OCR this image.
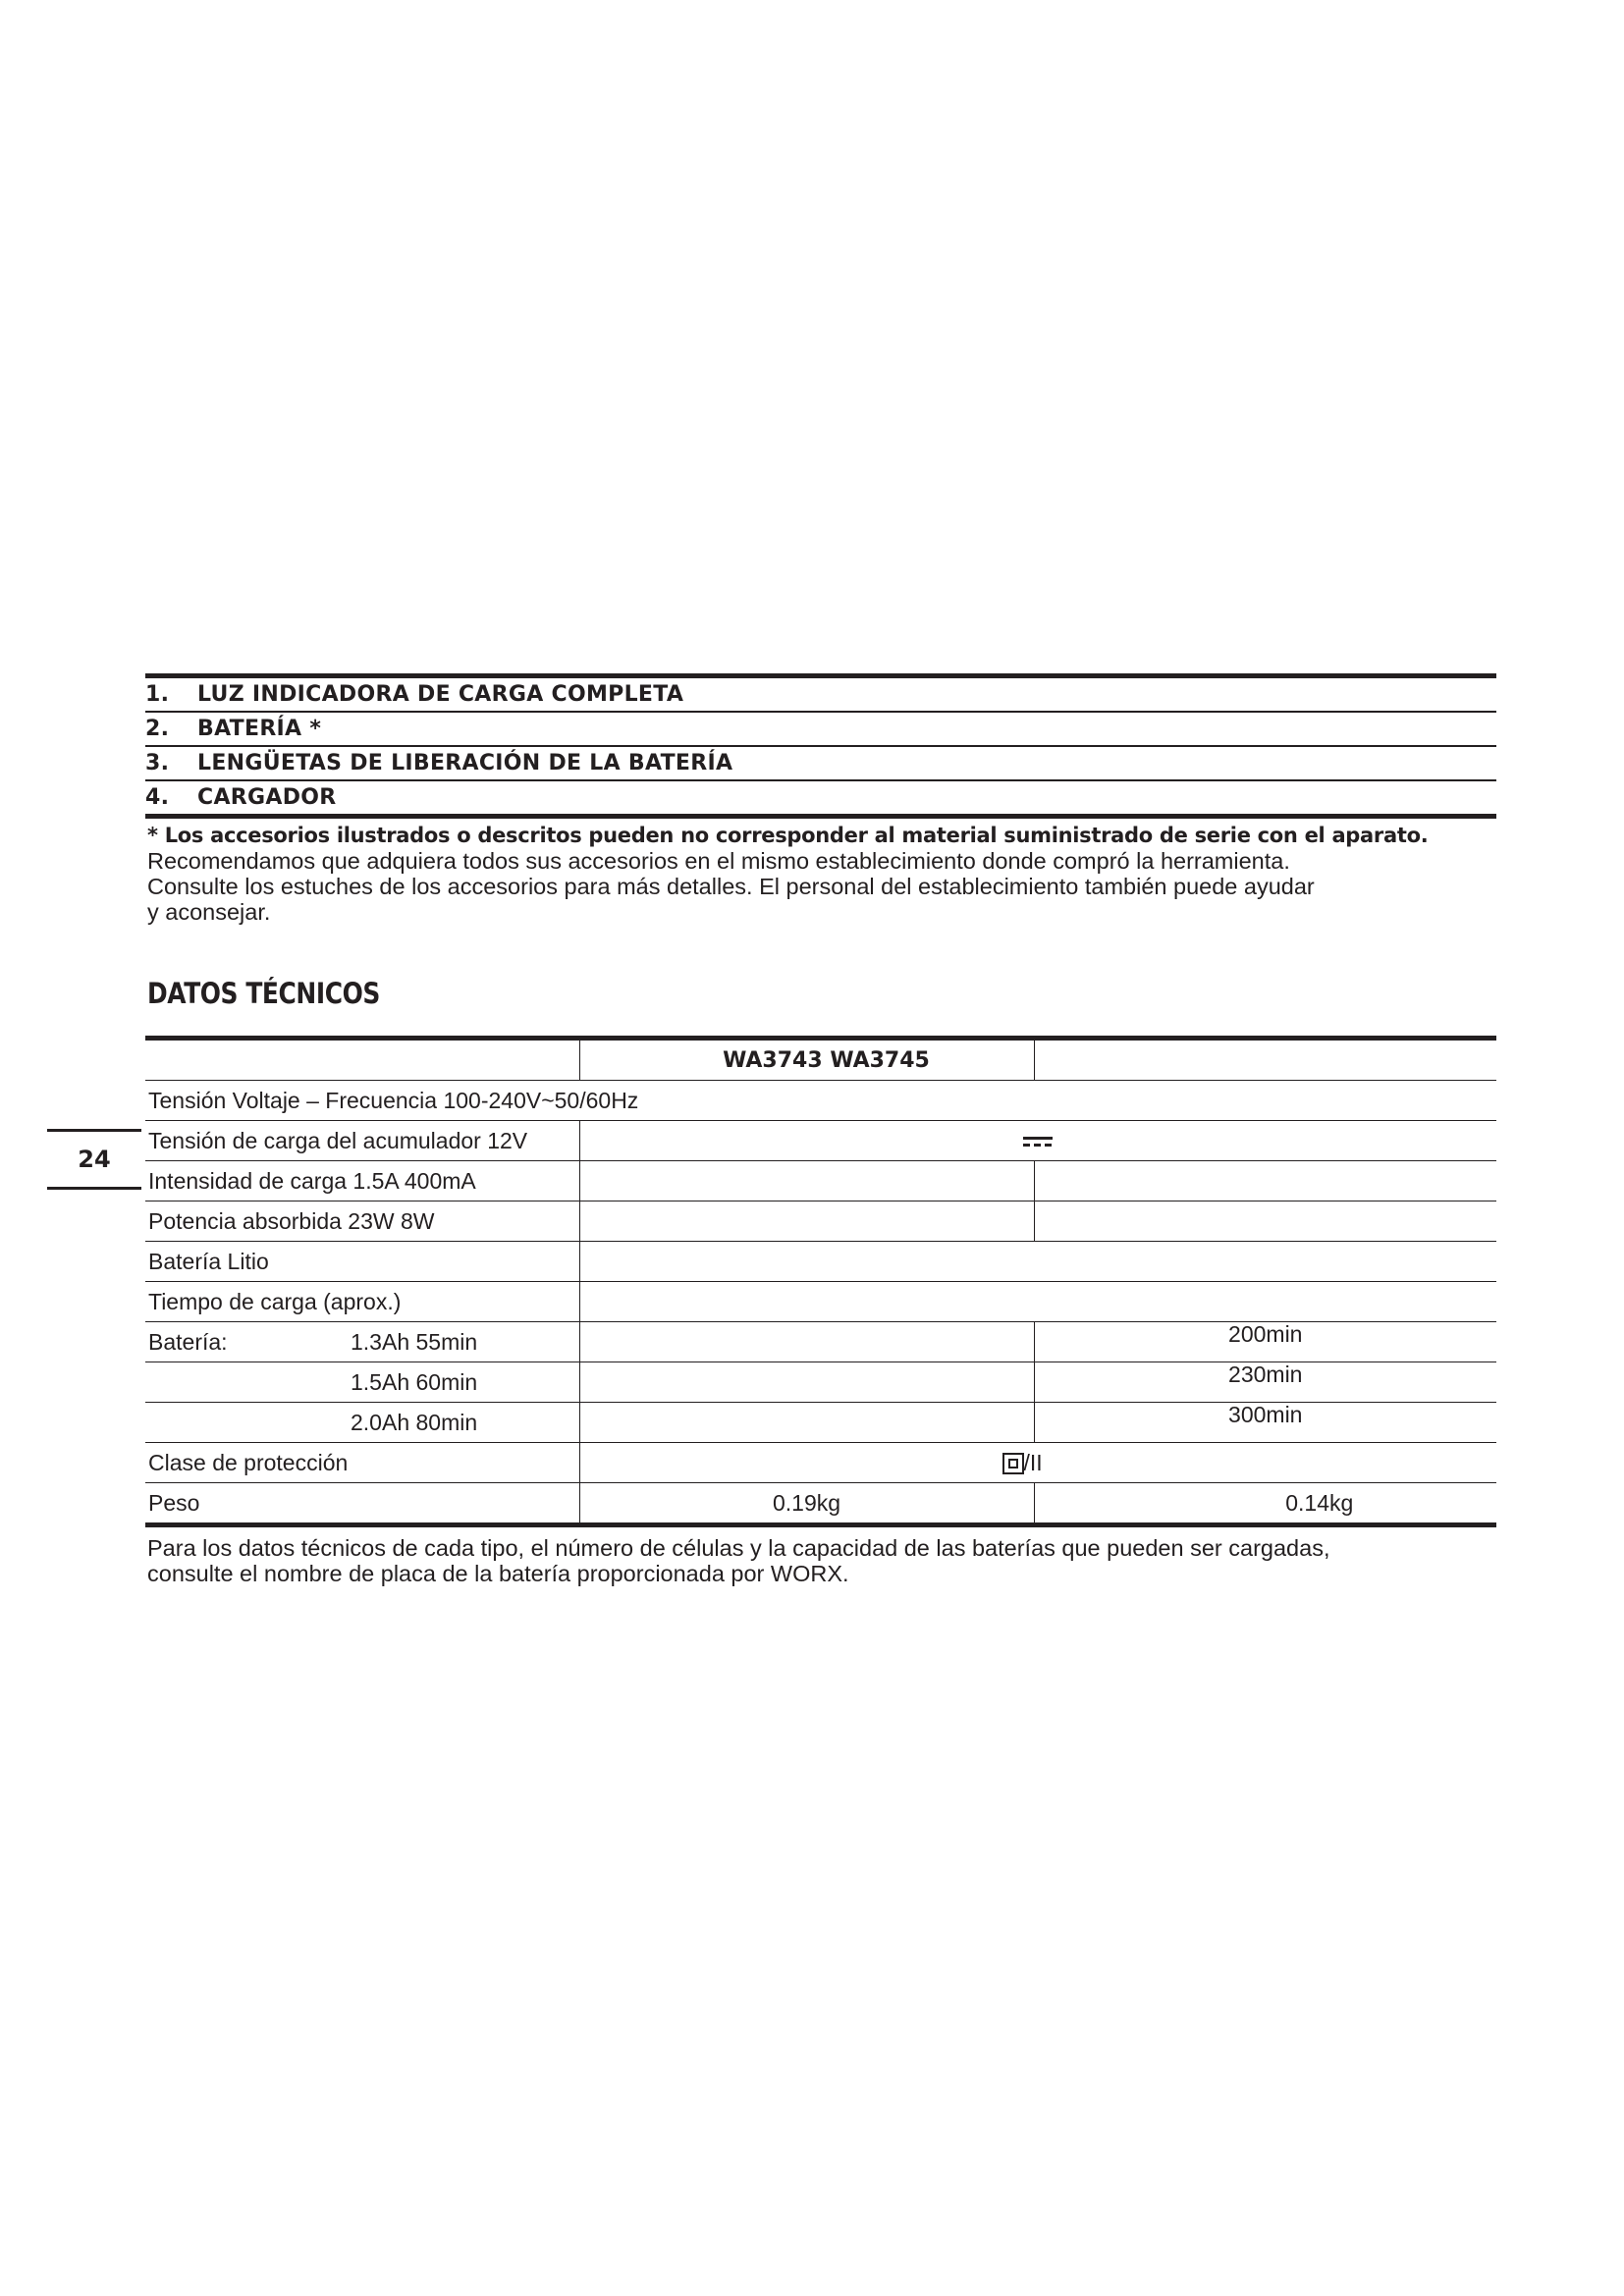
24
1.	LUZ INDICADORA DE CARGA COMPLETA
2.	BATERÍA *
3.	LENGÜETAS DE LIBERACIÓN DE LA BATERÍA
4.	CARGADOR
* Los accesorios ilustrados o descritos pueden no corresponder al material suministrado de serie con el aparato.
Recomendamos que adquiera todos sus accesorios en el mismo establecimiento donde compró la herramienta.
Consulte los estuches de los accesorios para más detalles. El personal del establecimiento también puede ayudar
y aconsejar.
DATOS TÉCNICOS
	WA3743 WA3745	
Tensión Voltaje – Frecuencia 100-240V~50/60Hz		
Tensión de carga del acumulador 12V		

Intensidad de carga 1.5A 400mA		
Potencia absorbida 23W 8W		
Batería Litio		
Tiempo de carga (aprox.)		
Batería: 1.3Ah 55min		200min
1.5Ah 60min		230min
2.0Ah 80min		300min
Clase de protección	/II	
Peso	0.19kg	0.14kg
Para los datos técnicos de cada tipo, el número de células y la capacidad de las baterías que pueden ser cargadas,
consulte el nombre de placa de la batería proporcionada por WORX.
